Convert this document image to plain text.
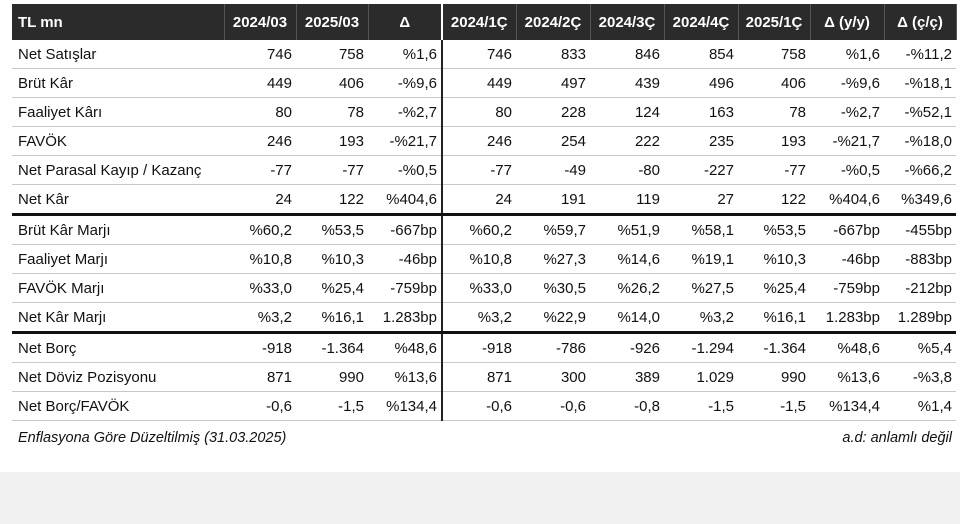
TL mn	2024/03	2025/03	Δ	2024/1Ç	2024/2Ç	2024/3Ç	2024/4Ç	2025/1Ç	Δ (y/y)	Δ (ç/ç)
Net Satışlar	746	758	%1,6	746	833	846	854	758	%1,6	-%11,2
Brüt Kâr	449	406	-%9,6	449	497	439	496	406	-%9,6	-%18,1
Faaliyet Kârı	80	78	-%2,7	80	228	124	163	78	-%2,7	-%52,1
FAVÖK	246	193	-%21,7	246	254	222	235	193	-%21,7	-%18,0
Net Parasal Kayıp / Kazanç	-77	-77	-%0,5	-77	-49	-80	-227	-77	-%0,5	-%66,2
Net Kâr	24	122	%404,6	24	191	119	27	122	%404,6	%349,6
Brüt Kâr Marjı	%60,2	%53,5	-667bp	%60,2	%59,7	%51,9	%58,1	%53,5	-667bp	-455bp
Faaliyet Marjı	%10,8	%10,3	-46bp	%10,8	%27,3	%14,6	%19,1	%10,3	-46bp	-883bp
FAVÖK Marjı	%33,0	%25,4	-759bp	%33,0	%30,5	%26,2	%27,5	%25,4	-759bp	-212bp
Net Kâr Marjı	%3,2	%16,1	1.283bp	%3,2	%22,9	%14,0	%3,2	%16,1	1.283bp	1.289bp
Net Borç	-918	-1.364	%48,6	-918	-786	-926	-1.294	-1.364	%48,6	%5,4
Net Döviz Pozisyonu	871	990	%13,6	871	300	389	1.029	990	%13,6	-%3,8
Net Borç/FAVÖK	-0,6	-1,5	%134,4	-0,6	-0,6	-0,8	-1,5	-1,5	%134,4	%1,4
Enflasyona Göre Düzeltilmiş (31.03.2025)	a.d: anlamlı değil
